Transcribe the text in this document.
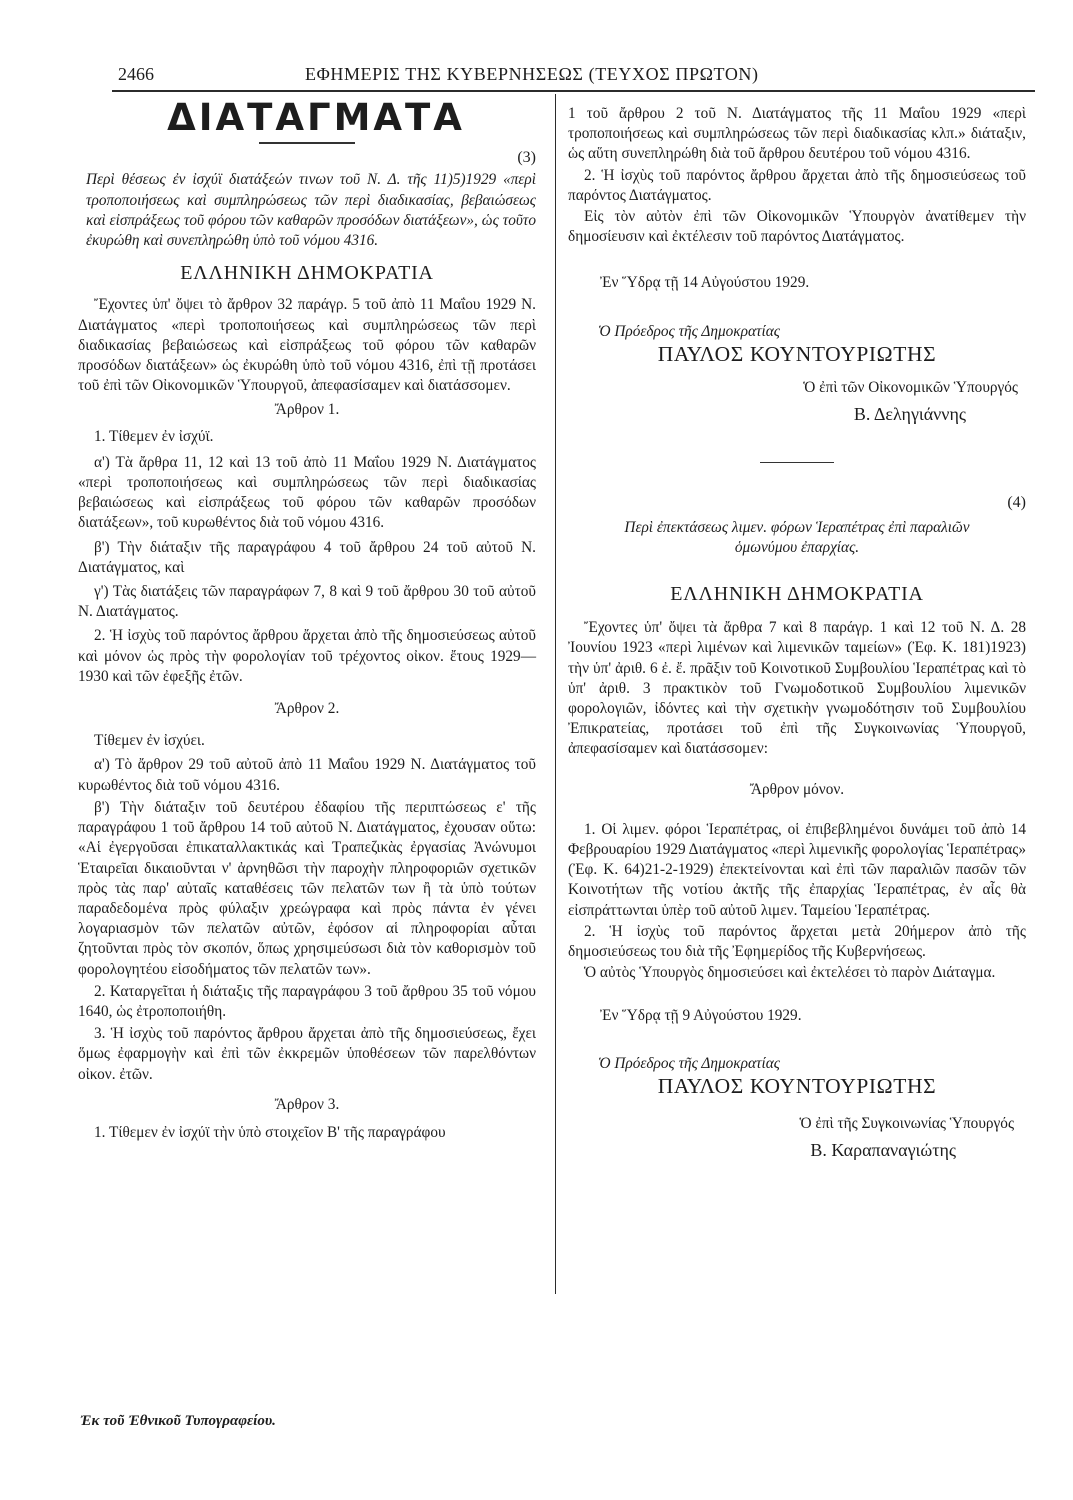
2466	ΕΦΗΜΕΡΙΣ ΤΗΣ ΚΥΒΕΡΝΗΣΕΩΣ (ΤΕΥΧΟΣ ΠΡΩΤΟΝ)

ΔΙΑΤΑΓΜΑΤΑ

(3)

Περὶ θέσεως ἐν ἰσχύϊ διατάξεών τινων τοῦ Ν. Δ. τῆς 11)5)1929 «περὶ τροποποιήσεως καὶ συμπληρώσεως τῶν περὶ διαδικασίας, βεβαιώσεως καὶ εἰσπράξεως τοῦ φόρου τῶν καθαρῶν προσόδων διατάξεων», ὡς τοῦτο ἐκυρώθη καὶ συνεπληρώθη ὑπὸ τοῦ νόμου 4316.

ΕΛΛΗΝΙΚΗ ΔΗΜΟΚΡΑΤΙΑ

Ἔχοντες ὑπ' ὄψει τὸ ἄρθρον 32 παράγρ. 5 τοῦ ἀπὸ 11 Μαΐου 1929 Ν. Διατάγματος «περὶ τροποποιήσεως καὶ συμπληρώσεως τῶν περὶ διαδικασίας βεβαιώσεως καὶ εἰσπράξεως τοῦ φόρου τῶν καθαρῶν προσόδων διατάξεων» ὡς ἐκυρώθη ὑπὸ τοῦ νόμου 4316, ἐπὶ τῇ προτάσει τοῦ ἐπὶ τῶν Οἰκονομικῶν Ὑπουργοῦ, ἀπεφασίσαμεν καὶ διατάσσομεν.

Ἄρθρον 1.

1. Τίθεμεν ἐν ἰσχύϊ.

α') Τὰ ἄρθρα 11, 12 καὶ 13 τοῦ ἀπὸ 11 Μαΐου 1929 Ν. Διατάγματος «περὶ τροποποιήσεως καὶ συμπληρώσεως τῶν περὶ διαδικασίας βεβαιώσεως καὶ εἰσπράξεως τοῦ φόρου τῶν καθαρῶν προσόδων διατάξεων», τοῦ κυρωθέντος διὰ τοῦ νόμου 4316.

β') Τὴν διάταξιν τῆς παραγράφου 4 τοῦ ἄρθρου 24 τοῦ αὐτοῦ Ν. Διατάγματος, καὶ

γ') Τὰς διατάξεις τῶν παραγράφων 7, 8 καὶ 9 τοῦ ἄρθρου 30 τοῦ αὐτοῦ Ν. Διατάγματος.

2. Ἡ ἰσχὺς τοῦ παρόντος ἄρθρου ἄρχεται ἀπὸ τῆς δημοσιεύσεως αὐτοῦ καὶ μόνον ὡς πρὸς τὴν φορολογίαν τοῦ τρέχοντος οἰκον. ἔτους 1929—1930 καὶ τῶν ἐφεξῆς ἐτῶν.

Ἄρθρον 2.

Τίθεμεν ἐν ἰσχύει.

α') Τὸ ἄρθρον 29 τοῦ αὐτοῦ ἀπὸ 11 Μαΐου 1929 Ν. Διατάγματος τοῦ κυρωθέντος διὰ τοῦ νόμου 4316.

β') Τὴν διάταξιν τοῦ δευτέρου ἐδαφίου τῆς περιπτώσεως ε' τῆς παραγράφου 1 τοῦ ἄρθρου 14 τοῦ αὐτοῦ Ν. Διατάγματος, ἐχουσαν οὕτω: «Αἱ ἐγεργοῦσαι ἐπικαταλλακτικάς καὶ Τραπεζικὰς ἐργασίας Ἀνώνυμοι Ἑταιρεῖαι δικαιοῦνται ν' ἀρνηθῶσι τὴν παροχὴν πληροφοριῶν σχετικῶν πρὸς τὰς παρ' αὐταῖς καταθέσεις τῶν πελατῶν των ἢ τὰ ὑπὸ τούτων παραδεδομένα πρὸς φύλαξιν χρεώγραφα καὶ πρὸς πάντα ἐν γένει λογαριασμὸν τῶν πελατῶν αὐτῶν, ἐφόσον αἱ πληροφορίαι αὗται ζητοῦνται πρὸς τὸν σκοπόν, ὅπως χρησιμεύσωσι διὰ τὸν καθορισμὸν τοῦ φορολογητέου εἰσοδήματος τῶν πελατῶν των».

2. Καταργεῖται ἡ διάταξις τῆς παραγράφου 3 τοῦ ἄρθρου 35 τοῦ νόμου 1640, ὡς ἐτροποποιήθη.

3. Ἡ ἰσχὺς τοῦ παρόντος ἄρθρου ἄρχεται ἀπὸ τῆς δημοσιεύσεως, ἔχει ὅμως ἐφαρμογὴν καὶ ἐπὶ τῶν ἐκκρεμῶν ὑποθέσεων τῶν παρελθόντων οἰκον. ἐτῶν.

Ἄρθρον 3.

1. Τίθεμεν ἐν ἰσχύϊ τὴν ὑπὸ στοιχεῖον Β' τῆς παραγράφου

1 τοῦ ἄρθρου 2 τοῦ Ν. Διατάγματος τῆς 11 Μαΐου 1929 «περὶ τροποποιήσεως καὶ συμπληρώσεως τῶν περὶ διαδικασίας κλπ.» διάταξιν, ὡς αὕτη συνεπληρώθη διὰ τοῦ ἄρθρου δευτέρου τοῦ νόμου 4316.

2. Ἡ ἰσχὺς τοῦ παρόντος ἄρθρου ἄρχεται ἀπὸ τῆς δημοσιεύσεως τοῦ παρόντος Διατάγματος.

Εἰς τὸν αὐτὸν ἐπὶ τῶν Οἰκονομικῶν Ὑπουργὸν ἀνατίθεμεν τὴν δημοσίευσιν καὶ ἐκτέλεσιν τοῦ παρόντος Διατάγματος.

Ἐν Ὕδρᾳ τῇ 14 Αὐγούστου 1929.

Ὁ Πρόεδρος τῆς Δημοκρατίας

ΠΑΥΛΟΣ ΚΟΥΝΤΟΥΡΙΩΤΗΣ

Ὁ ἐπὶ τῶν Οἰκονομικῶν Ὑπουργός

Β. Δεληγιάννης

(4)

Περὶ ἐπεκτάσεως λιμεν. φόρων Ἱεραπέτρας ἐπὶ παραλιῶν ὁμωνύμου ἐπαρχίας.

ΕΛΛΗΝΙΚΗ ΔΗΜΟΚΡΑΤΙΑ

Ἔχοντες ὑπ' ὄψει τὰ ἄρθρα 7 καὶ 8 παράγρ. 1 καὶ 12 τοῦ Ν. Δ. 28 Ἰουνίου 1923 «περὶ λιμένων καὶ λιμενικῶν ταμείων» (Ἐφ. Κ. 181)1923) τὴν ὑπ' ἀριθ. 6 ἐ. ἔ. πρᾶξιν τοῦ Κοινοτικοῦ Συμβουλίου Ἱεραπέτρας καὶ τὸ ὑπ' ἀριθ. 3 πρακτικὸν τοῦ Γνωμοδοτικοῦ Συμβουλίου λιμενικῶν φορολογιῶν, ἰδόντες καὶ τὴν σχετικὴν γνωμοδότησιν τοῦ Συμβουλίου Ἐπικρατείας, προτάσει τοῦ ἐπὶ τῆς Συγκοινωνίας Ὑπουργοῦ, ἀπεφασίσαμεν καὶ διατάσσομεν:

Ἄρθρον μόνον.

1. Οἱ λιμεν. φόροι Ἱεραπέτρας, οἱ ἐπιβεβλημένοι δυνάμει τοῦ ἀπὸ 14 Φεβρουαρίου 1929 Διατάγματος «περὶ λιμενικῆς φορολογίας Ἱεραπέτρας» (Ἐφ. Κ. 64)21-2-1929) ἐπεκτείνονται καὶ ἐπὶ τῶν παραλιῶν πασῶν τῶν Κοινοτήτων τῆς νοτίου ἀκτῆς τῆς ἐπαρχίας Ἱεραπέτρας, ἐν αἷς θὰ εἰσπράττωνται ὑπὲρ τοῦ αὐτοῦ λιμεν. Ταμείου Ἱεραπέτρας.

2. Ἡ ἰσχὺς τοῦ παρόντος ἄρχεται μετὰ 20ήμερον ἀπὸ τῆς δημοσιεύσεως του διὰ τῆς Ἐφημερίδος τῆς Κυβερνήσεως.

Ὁ αὐτὸς Ὑπουργὸς δημοσιεύσει καὶ ἐκτελέσει τὸ παρὸν Διάταγμα.

Ἐν Ὕδρᾳ τῇ 9 Αὐγούστου 1929.

Ὁ Πρόεδρος τῆς Δημοκρατίας

ΠΑΥΛΟΣ ΚΟΥΝΤΟΥΡΙΩΤΗΣ

Ὁ ἐπὶ τῆς Συγκοινωνίας Ὑπουργός

Β. Καραπαναγιώτης

Ἐκ τοῦ Ἐθνικοῦ Τυπογραφείου.
